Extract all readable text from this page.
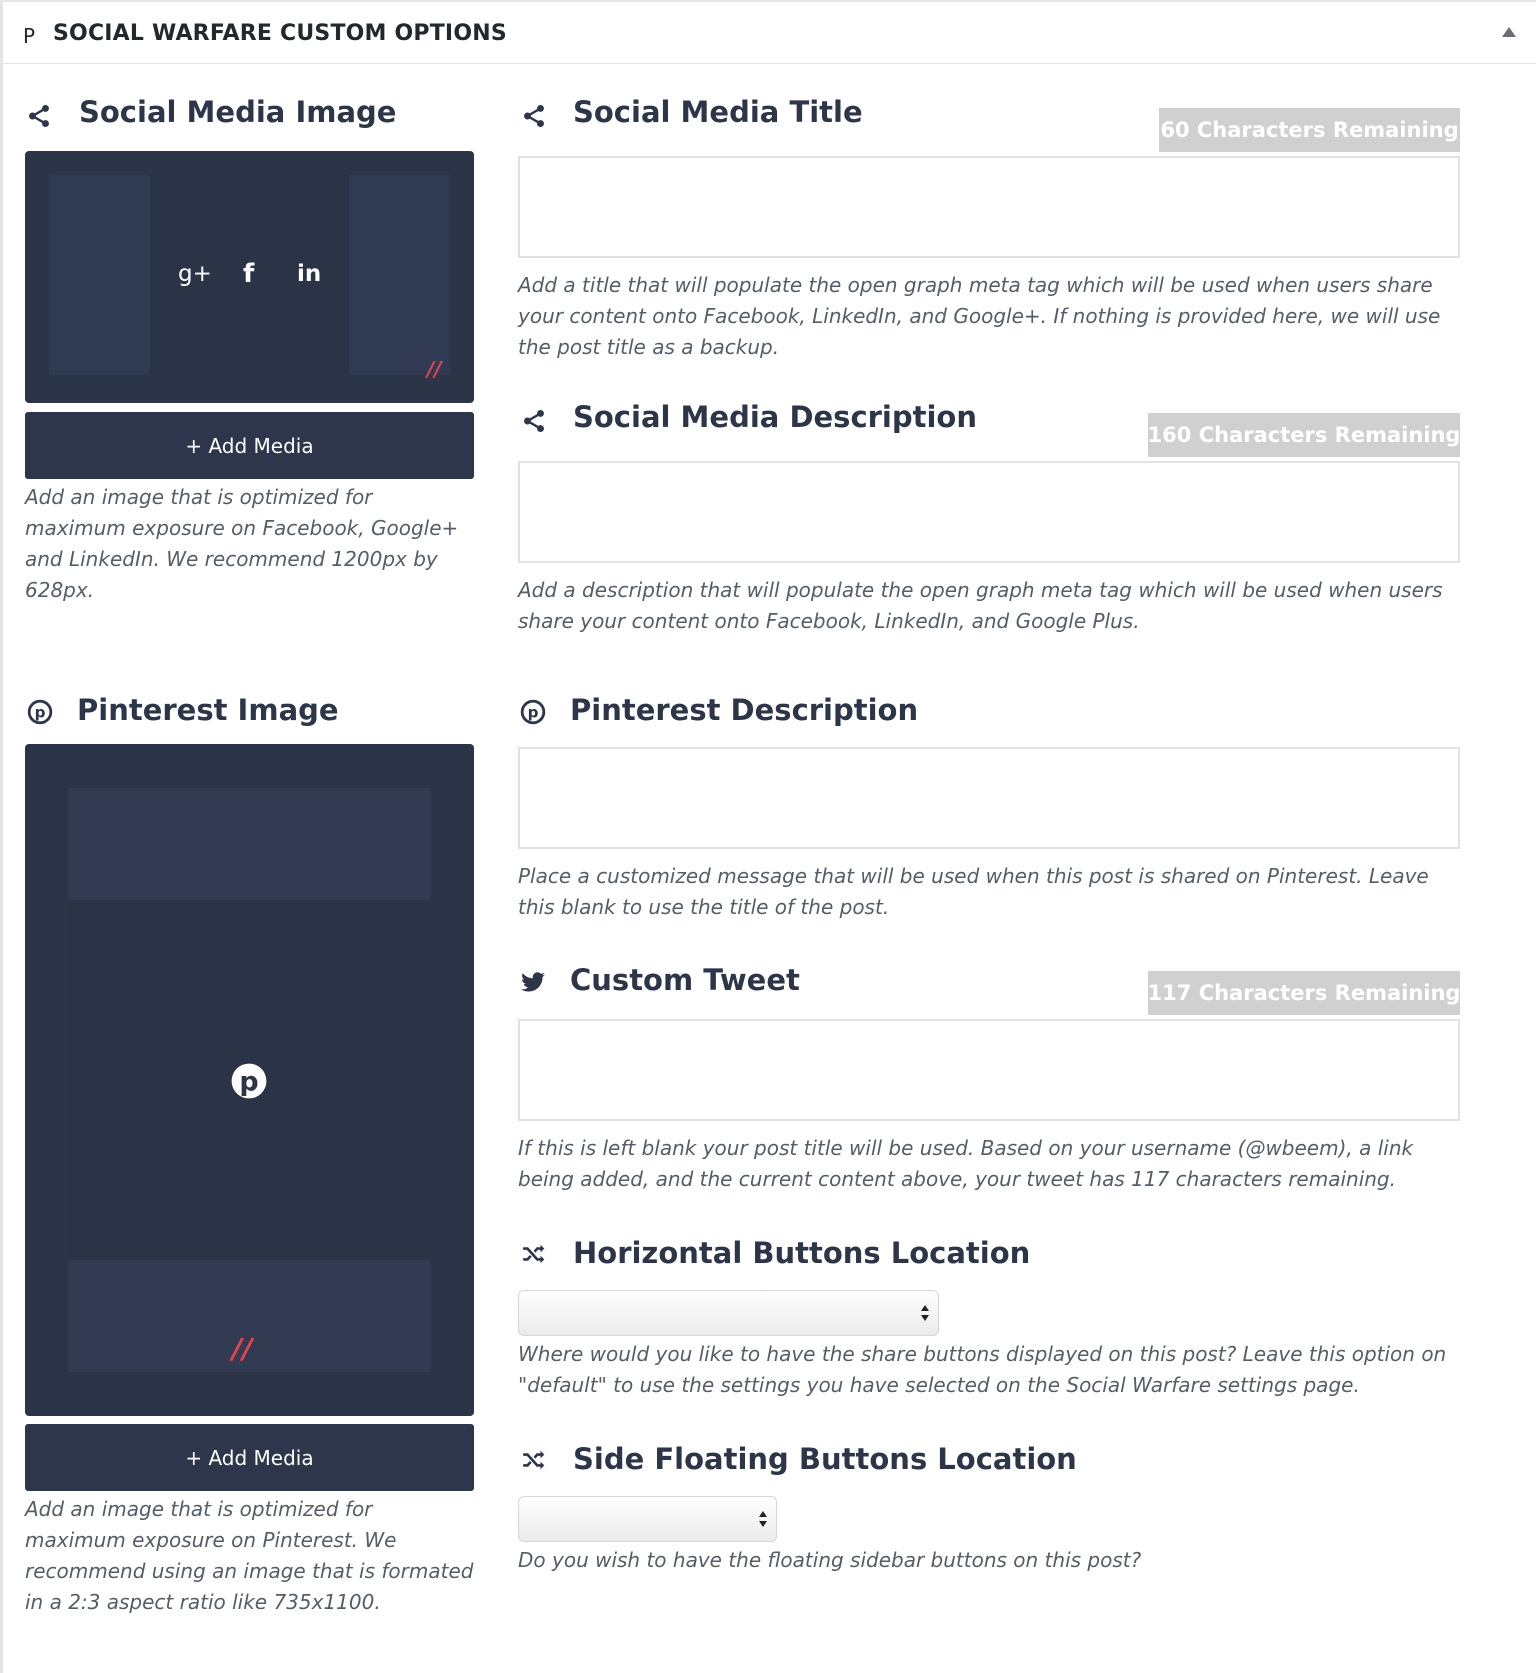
P SOCIAL WARFARE CUSTOM OPTIONS
Social Media Image
g+ f in
//
+ Add Media
Add an image that is optimized for maximum exposure on Facebook, Google+ and LinkedIn. We recommend 1200px by 628px.
Social Media Title
60 Characters Remaining
Add a title that will populate the open graph meta tag which will be used when users share your content onto Facebook, LinkedIn, and Google+. If nothing is provided here, we will use the post title as a backup.
Social Media Description
160 Characters Remaining
Add a description that will populate the open graph meta tag which will be used when users share your content onto Facebook, LinkedIn, and Google Plus.
p Pinterest Image
p
//
+ Add Media
Add an image that is optimized for maximum exposure on Pinterest. We recommend using an image that is formated in a 2:3 aspect ratio like 735x1100.
p Pinterest Description
Place a customized message that will be used when this post is shared on Pinterest. Leave this blank to use the title of the post.
Custom Tweet	117 Characters Remaining
If this is left blank your post title will be used. Based on your username (@wbeem), a link being added, and the current content above, your tweet has 117 characters remaining.
Horizontal Buttons Location
Where would you like to have the share buttons displayed on this post? Leave this option on "default" to use the settings you have selected on the Social Warfare settings page.
Side Floating Buttons Location
Do you wish to have the floating sidebar buttons on this post?
